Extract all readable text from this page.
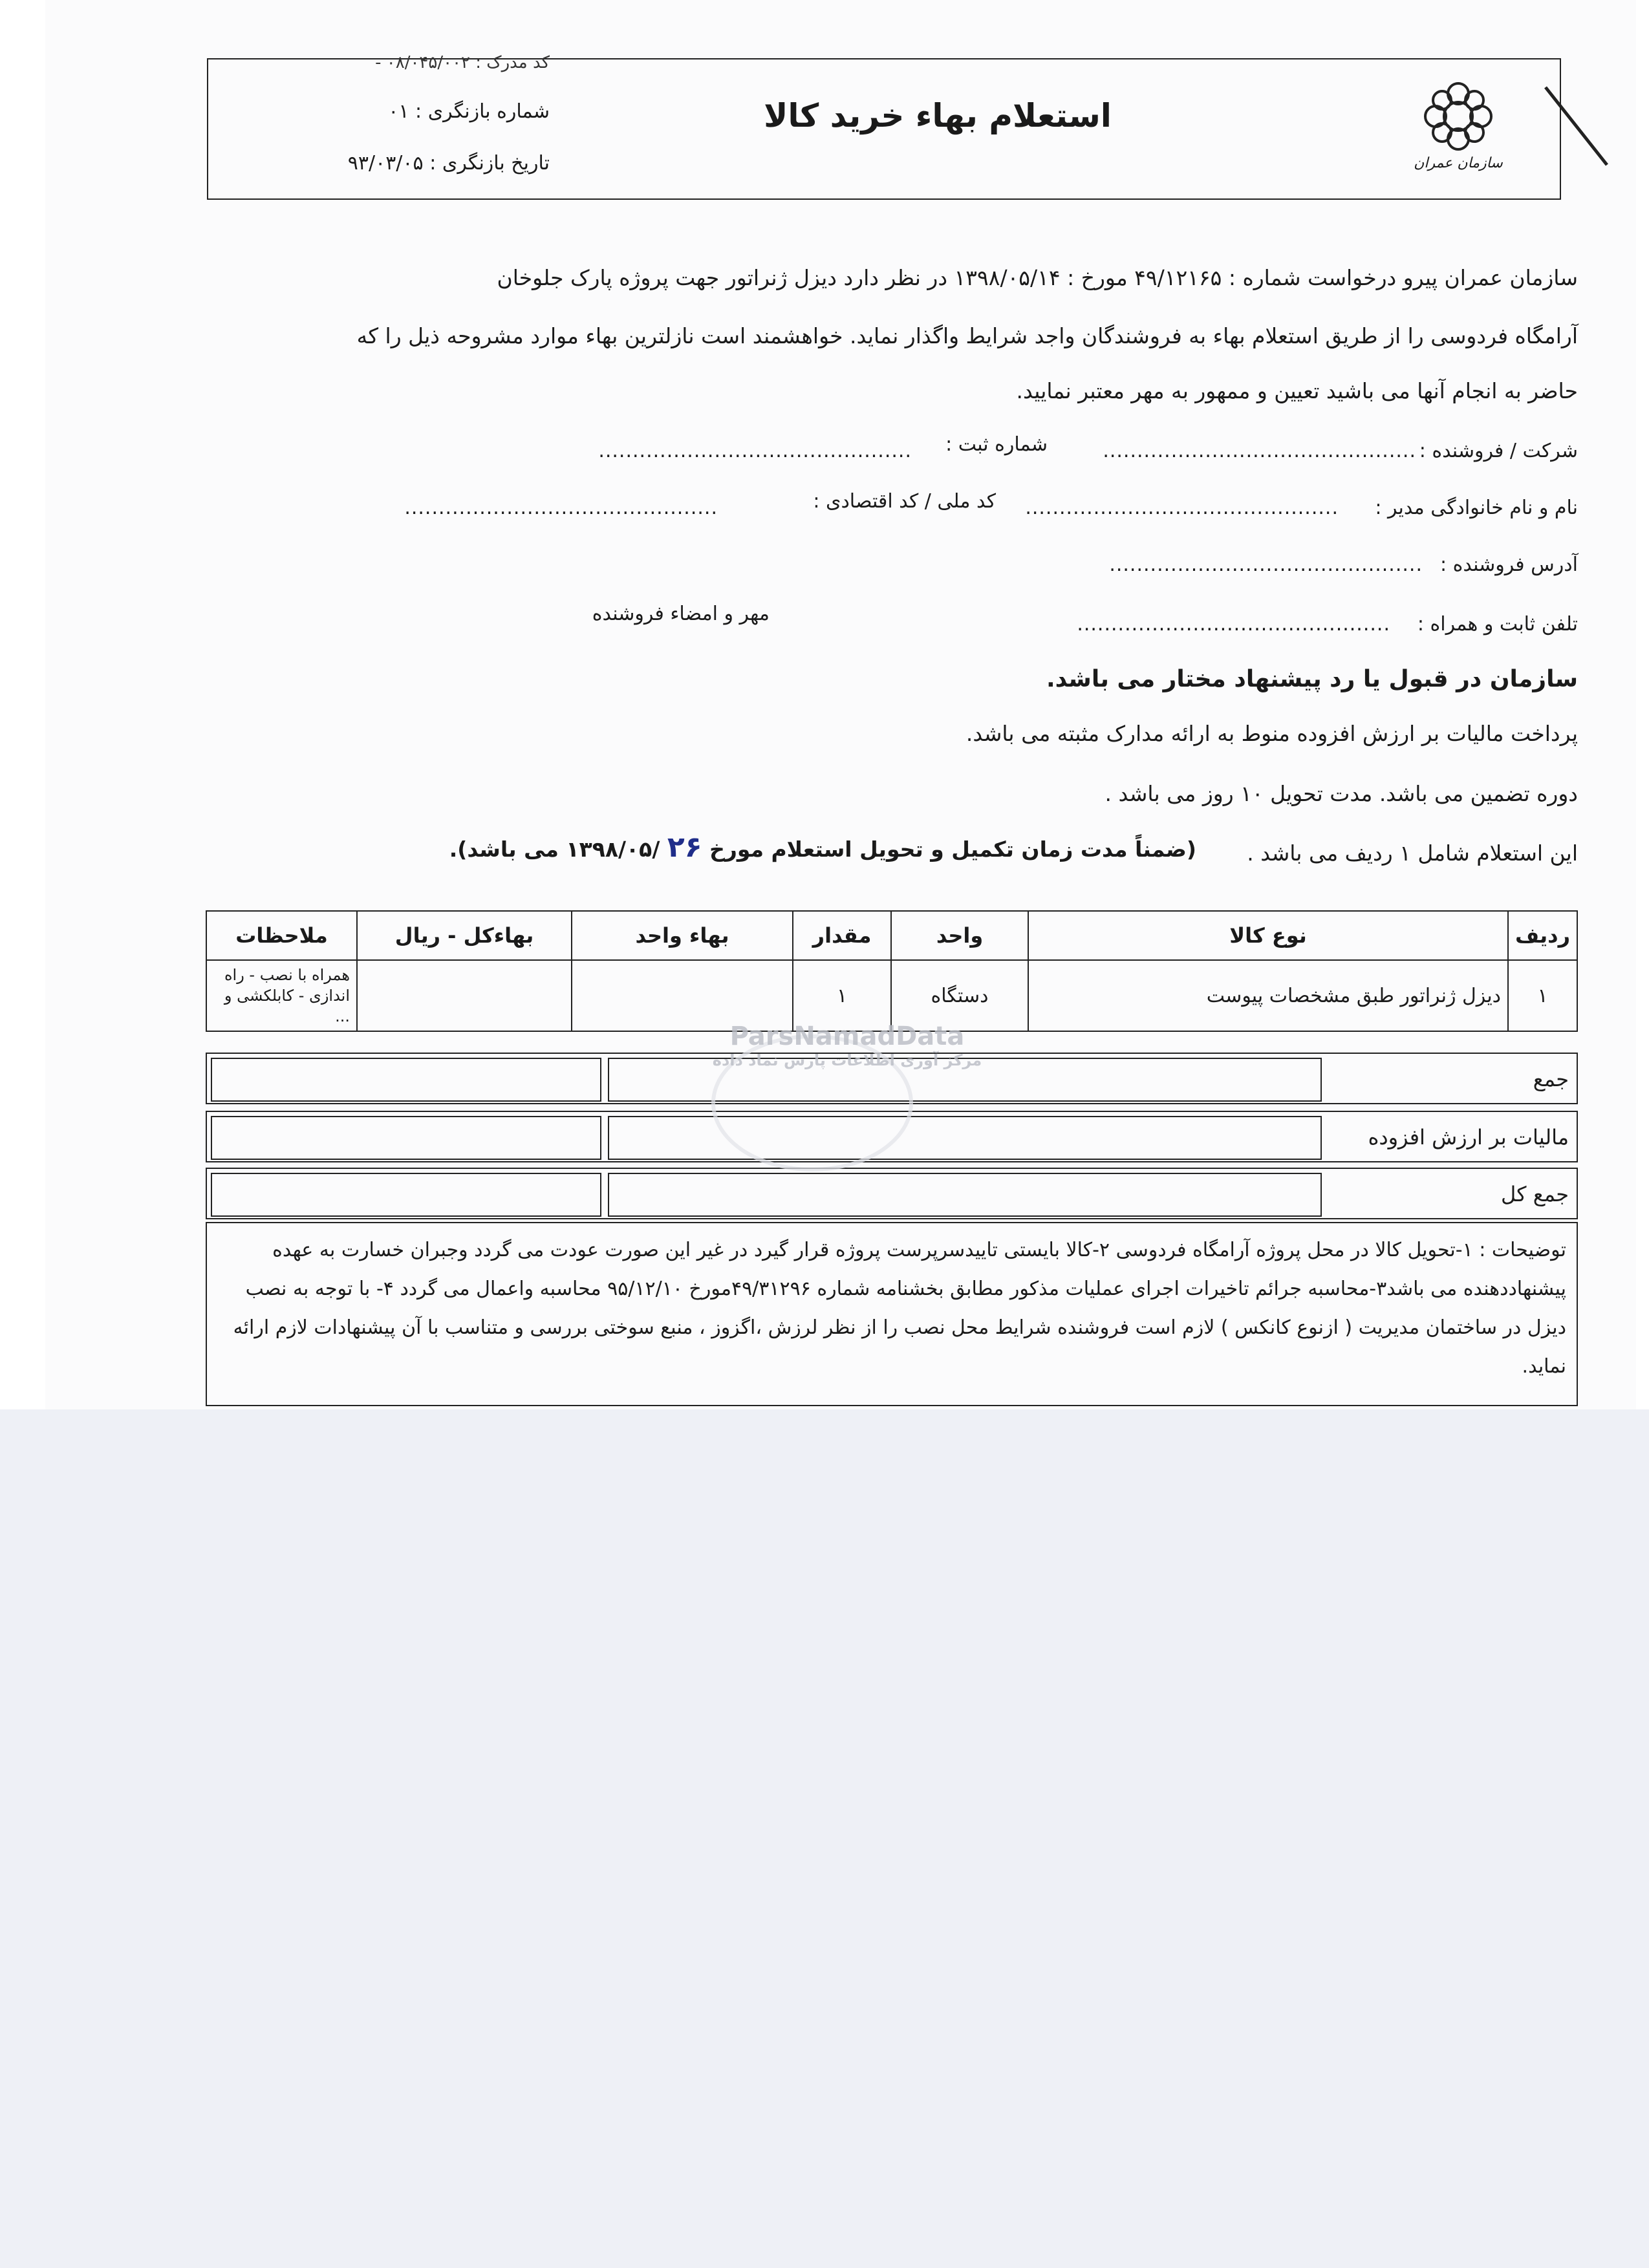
کد مدرک : ۰۸/۰۴۵/۰۰۲ -
شماره بازنگری : ۰۱
تاریخ بازنگری : ۹۳/۰۳/۰۵
استعلام بهاء خرید کالا
سازمان عمران
سازمان عمران پیرو درخواست شماره : ۴۹/۱۲۱۶۵ مورخ : ۱۳۹۸/۰۵/۱۴ در نظر دارد دیزل ژنراتور جهت پروژه پارک جلوخان
آرامگاه فردوسی را از طریق استعلام بهاء به فروشندگان واجد شرایط واگذار نماید. خواهشمند است نازلترین بهاء موارد مشروحه ذیل را که
حاضر به انجام آنها می باشید تعیین و ممهور به مهر معتبر نمایید.
شرکت / فروشنده :
..............................................
شماره ثبت :
..............................................
نام و نام خانوادگی مدیر :
..............................................
کد ملی / کد اقتصادی :
..............................................
آدرس فروشنده :
..............................................
تلفن ثابت و همراه :
..............................................
مهر و امضاء فروشنده
سازمان در قبول یا رد پیشنهاد مختار می باشد.
پرداخت مالیات بر ارزش افزوده منوط به ارائه مدارک مثبته می باشد.
دوره تضمین می باشد. مدت تحویل ۱۰ روز می باشد .
این استعلام شامل ۱ ردیف می باشد .
(ضمناً مدت زمان تکمیل و تحویل استعلام مورخ ۲۶ /۱۳۹۸/۰۵ می باشد).
ردیف	نوع کالا	واحد	مقدار	بهاء واحد	بهاءکل - ریال	ملاحظات
۱	دیزل ژنراتور طبق مشخصات پیوست	دستگاه	۱			همراه با نصب - راه اندازی - کابلکشی و ...
جمع
مالیات بر ارزش افزوده
جمع کل
ParsNamadData
مرکز آوری اطلاعات پارس نماد داده
توضیحات : ۱-تحویل کالا در محل پروژه آرامگاه فردوسی ۲-کالا بایستی تاییدسرپرست پروژه قرار گیرد در غیر این صورت عودت می گردد وجبران خسارت به عهده پیشنهاددهنده می باشد۳-محاسبه جرائم تاخیرات اجرای عملیات مذکور مطابق بخشنامه شماره ۴۹/۳۱۲۹۶مورخ ۹۵/۱۲/۱۰ محاسبه واعمال می گردد ۴- با توجه به نصب دیزل در ساختمان مدیریت ( ازنوع کانکس ) لازم است فروشنده شرایط محل نصب را از نظر لرزش ،اگزوز ، منبع سوختی بررسی و متناسب با آن پیشنهادات لازم ارائه نماید.
